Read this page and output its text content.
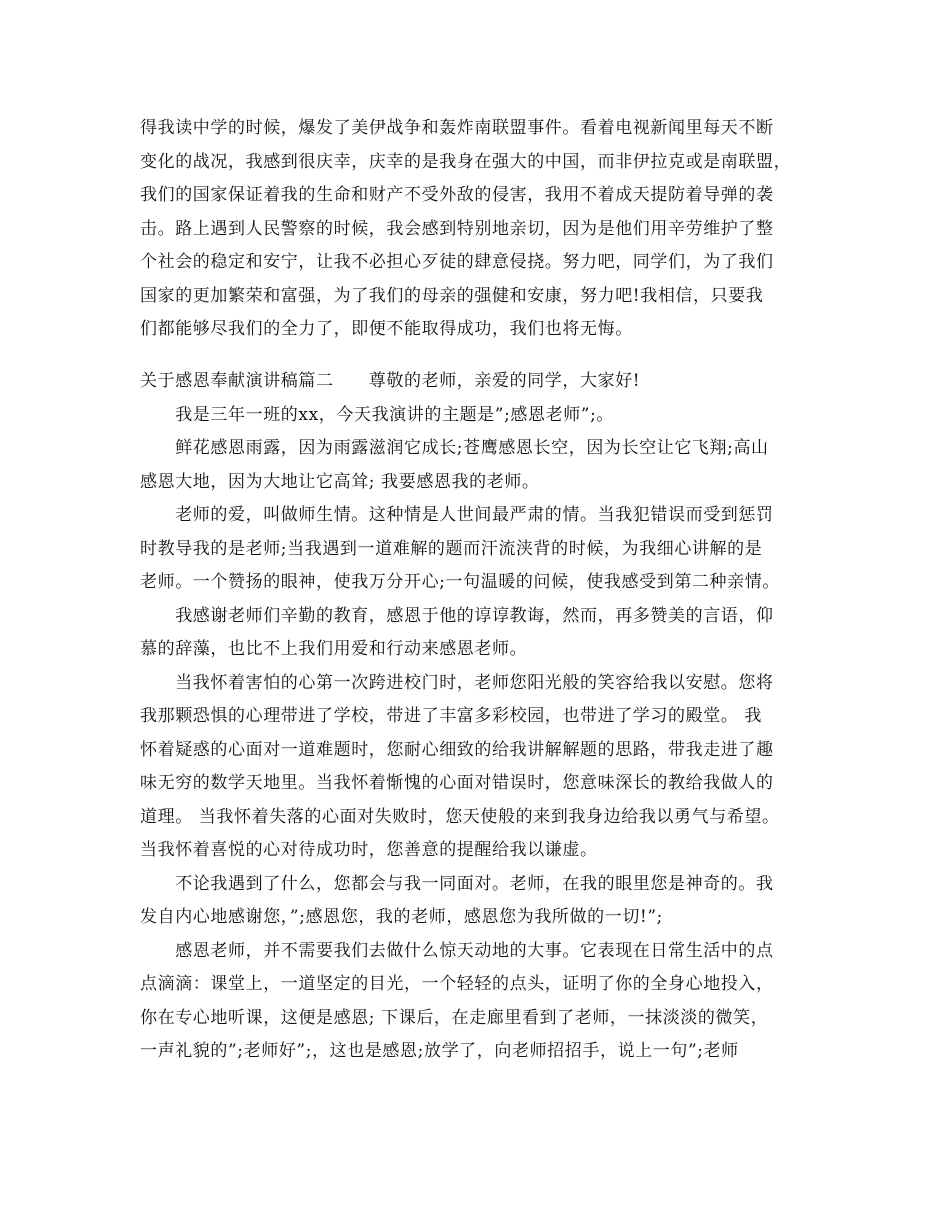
得我读中学的时候，爆发了美伊战争和轰炸南联盟事件。看着电视新闻里每天不断
变化的战况，我感到很庆幸，庆幸的是我身在强大的中国，而非伊拉克或是南联盟，
我们的国家保证着我的生命和财产不受外敌的侵害，我用不着成天提防着导弹的袭
击。路上遇到人民警察的时候，我会感到特别地亲切，因为是他们用辛劳维护了整
个社会的稳定和安宁，让我不必担心歹徒的肆意侵挠。努力吧，同学们，为了我们
国家的更加繁荣和富强，为了我们的母亲的强健和安康，努力吧!我相信，只要我
们都能够尽我们的全力了，即便不能取得成功，我们也将无悔。
关于感恩奉献演讲稿篇二　　尊敬的老师，亲爱的同学，大家好!
　　我是三年一班的xx，今天我演讲的主题是”;感恩老师”;。
　　鲜花感恩雨露，因为雨露滋润它成长;苍鹰感恩长空，因为长空让它飞翔;高山
感恩大地，因为大地让它高耸; 我要感恩我的老师。
　　老师的爱，叫做师生情。这种情是人世间最严肃的情。当我犯错误而受到惩罚
时教导我的是老师;当我遇到一道难解的题而汗流浃背的时候，为我细心讲解的是
老师。一个赞扬的眼神，使我万分开心;一句温暖的问候，使我感受到第二种亲情。
　　我感谢老师们辛勤的教育，感恩于他的谆谆教诲，然而，再多赞美的言语，仰
慕的辞藻，也比不上我们用爱和行动来感恩老师。
　　当我怀着害怕的心第一次跨进校门时，老师您阳光般的笑容给我以安慰。您将
我那颗恐惧的心理带进了学校，带进了丰富多彩校园，也带进了学习的殿堂。 我
怀着疑惑的心面对一道难题时，您耐心细致的给我讲解解题的思路，带我走进了趣
味无穷的数学天地里。当我怀着惭愧的心面对错误时，您意味深长的教给我做人的
道理。 当我怀着失落的心面对失败时，您天使般的来到我身边给我以勇气与希望。
当我怀着喜悦的心对待成功时，您善意的提醒给我以谦虚。
　　不论我遇到了什么，您都会与我一同面对。老师，在我的眼里您是神奇的。我
发自内心地感谢您，”;感恩您，我的老师，感恩您为我所做的一切!”;
　　感恩老师，并不需要我们去做什么惊天动地的大事。它表现在日常生活中的点
点滴滴：课堂上，一道坚定的目光，一个轻轻的点头，证明了你的全身心地投入，
你在专心地听课，这便是感恩; 下课后，在走廊里看到了老师，一抹淡淡的微笑，
一声礼貌的”;老师好”;，这也是感恩;放学了，向老师招招手，说上一句”;老师
